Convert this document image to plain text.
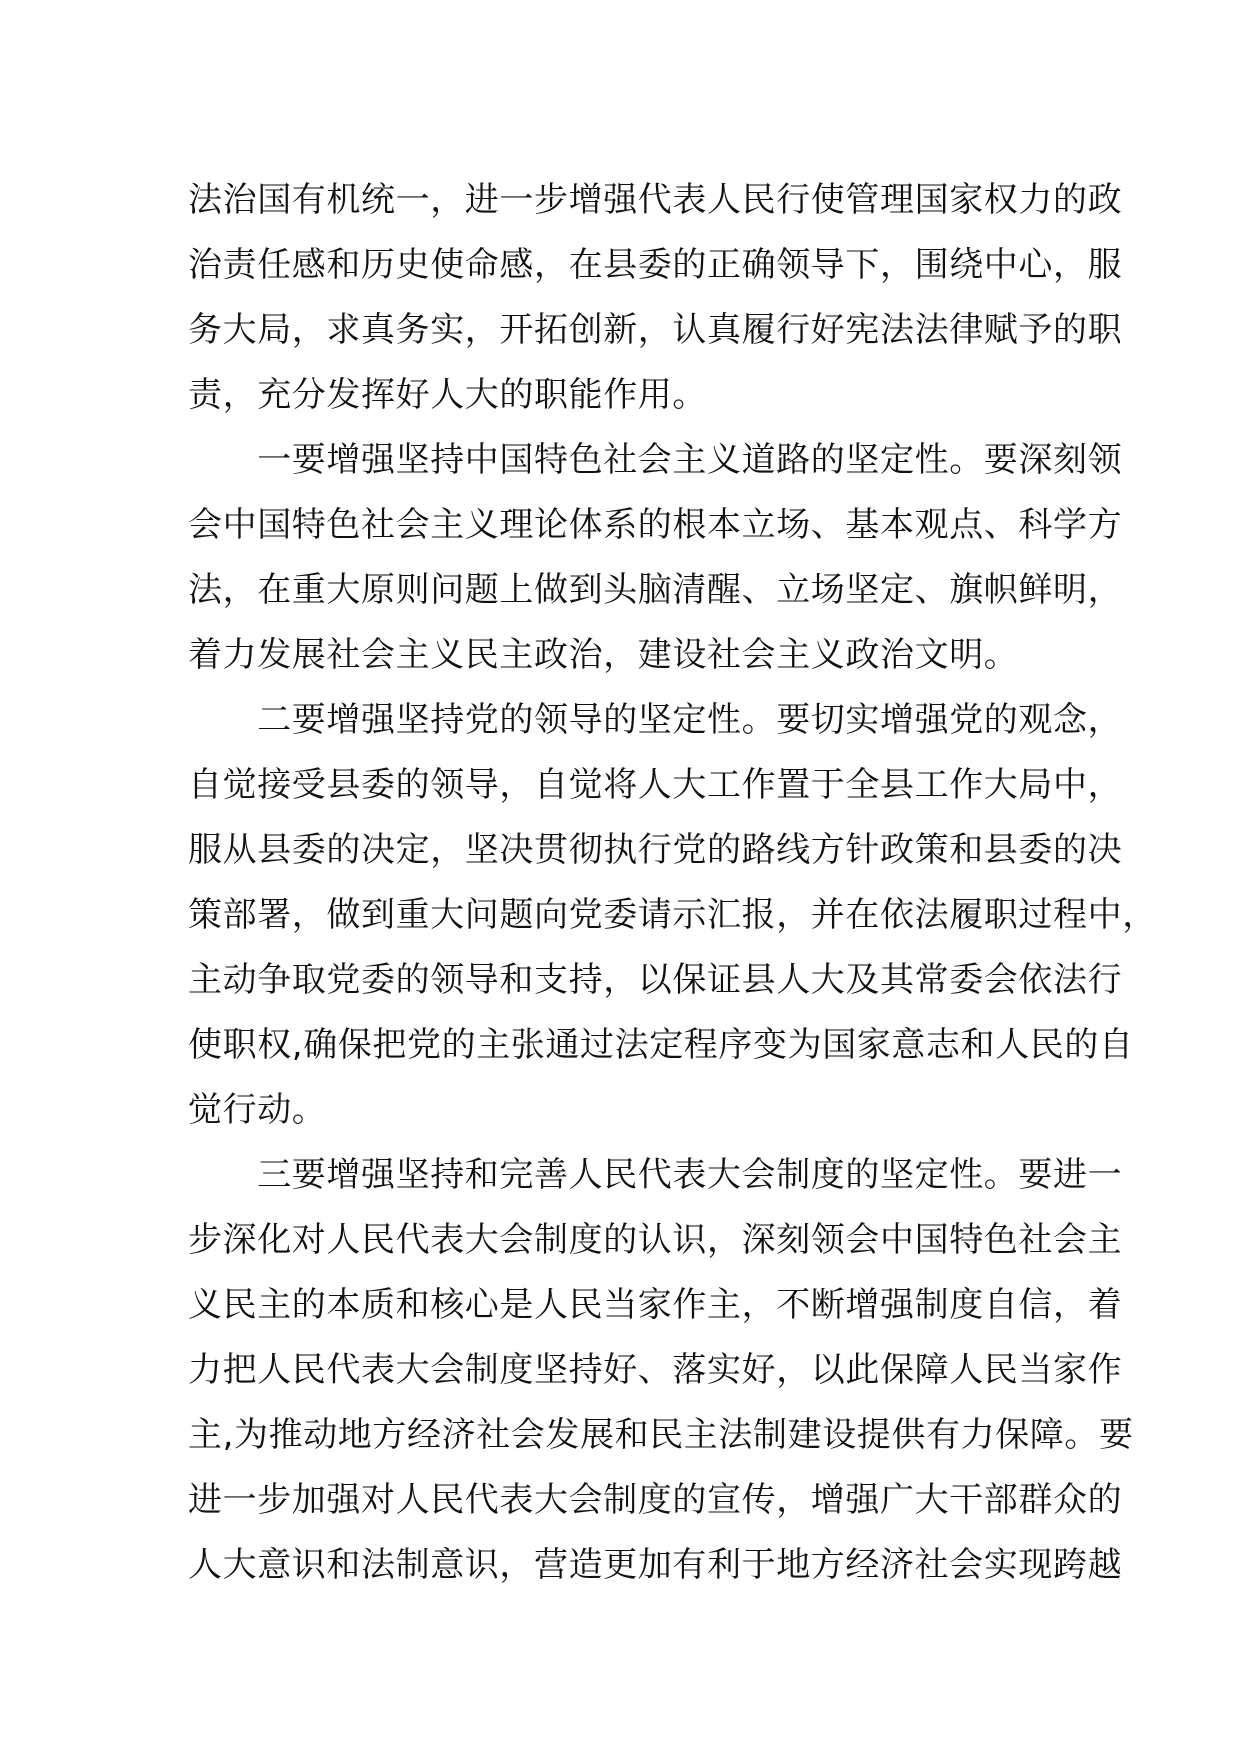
法治国有机统一，进一步增强代表人民行使管理国家权力的政
治责任感和历史使命感，在县委的正确领导下，围绕中心，服
务大局，求真务实，开拓创新，认真履行好宪法法律赋予的职
责，充分发挥好人大的职能作用。
　　一要增强坚持中国特色社会主义道路的坚定性。要深刻领
会中国特色社会主义理论体系的根本立场、基本观点、科学方
法，在重大原则问题上做到头脑清醒、立场坚定、旗帜鲜明，
着力发展社会主义民主政治，建设社会主义政治文明。
　　二要增强坚持党的领导的坚定性。要切实增强党的观念，
自觉接受县委的领导，自觉将人大工作置于全县工作大局中，
服从县委的决定，坚决贯彻执行党的路线方针政策和县委的决
策部署，做到重大问题向党委请示汇报，并在依法履职过程中，
主动争取党委的领导和支持，以保证县人大及其常委会依法行
使职权,确保把党的主张通过法定程序变为国家意志和人民的自
觉行动。
　　三要增强坚持和完善人民代表大会制度的坚定性。要进一
步深化对人民代表大会制度的认识，深刻领会中国特色社会主
义民主的本质和核心是人民当家作主，不断增强制度自信，着
力把人民代表大会制度坚持好、落实好，以此保障人民当家作
主,为推动地方经济社会发展和民主法制建设提供有力保障。要
进一步加强对人民代表大会制度的宣传，增强广大干部群众的
人大意识和法制意识，营造更加有利于地方经济社会实现跨越
